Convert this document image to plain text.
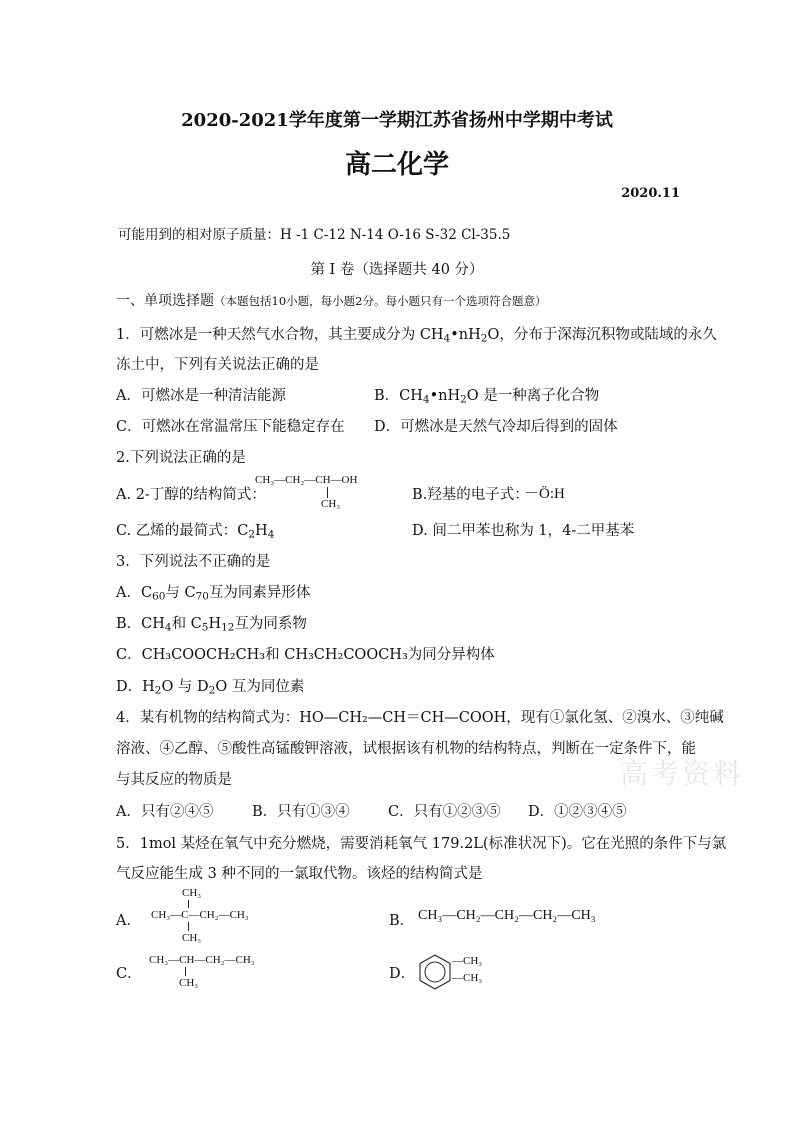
2020-2021学年度第一学期江苏省扬州中学期中考试
高二化学
2020.11
可能用到的相对原子质量：H -1 C-12 N-14 O-16 S-32 Cl-35.5
第 I 卷（选择题共 40 分）
一、单项选择题（本题包括10小题，每小题2分。每小题只有一个选项符合题意）
1．可燃冰是一种天然气水合物，其主要成分为 $CH_4•nH_2O$，分布于深海沉积物或陆域的永久
冻土中，下列有关说法正确的是
A．可燃冰是一种清洁能源	B．$CH_4•nH_2O$ 是一种离子化合物
C．可燃冰在常温常压下能稳定存在 D．可燃冰是天然气冷却后得到的固体
2.下列说法正确的是
A. 2-丁醇的结构简式：
CH₃—CH₂—CH—OH
CH₃
B.羟基的电子式：
－Ö:H
C. 乙烯的最简式：$C_2H_4$	D. 间二甲苯也称为 1，4-二甲基苯
3．下列说法不正确的是
A．$C_{60}$与 $C_{70}$互为同素异形体
B．$CH_4$和 $C_5H_{12}$互为同系物
C．CH₃COOCH₂CH₃和 CH₃CH₂COOCH₃为同分异构体
D．$H_2O$ 与 $D_2O$ 互为同位素
4．某有机物的结构简式为：HO—CH₂—CH＝CH—COOH，现有①氯化氢、②溴水、③纯碱
溶液、④乙醇、⑤酸性高锰酸钾溶液，试根据该有机物的结构特点，判断在一定条件下，能
与其反应的物质是
A．只有②④⑤	B．只有①③④	C．只有①②③⑤ D．①②③④⑤
高考资料
5．1mol 某烃在氧气中充分燃烧，需要消耗氧气 179.2L(标准状况下)。它在光照的条件下与氯
气反应能生成 3 种不同的一氯取代物。该烃的结构简式是
A．
CH₃
CH₃—C—CH₂—CH₃
CH₃
B． CH₃—CH₂—CH₂—CH₂—CH₃
C．
CH₃—CH—CH₂—CH₃
CH₃
D．
—CH₃
—CH₃
